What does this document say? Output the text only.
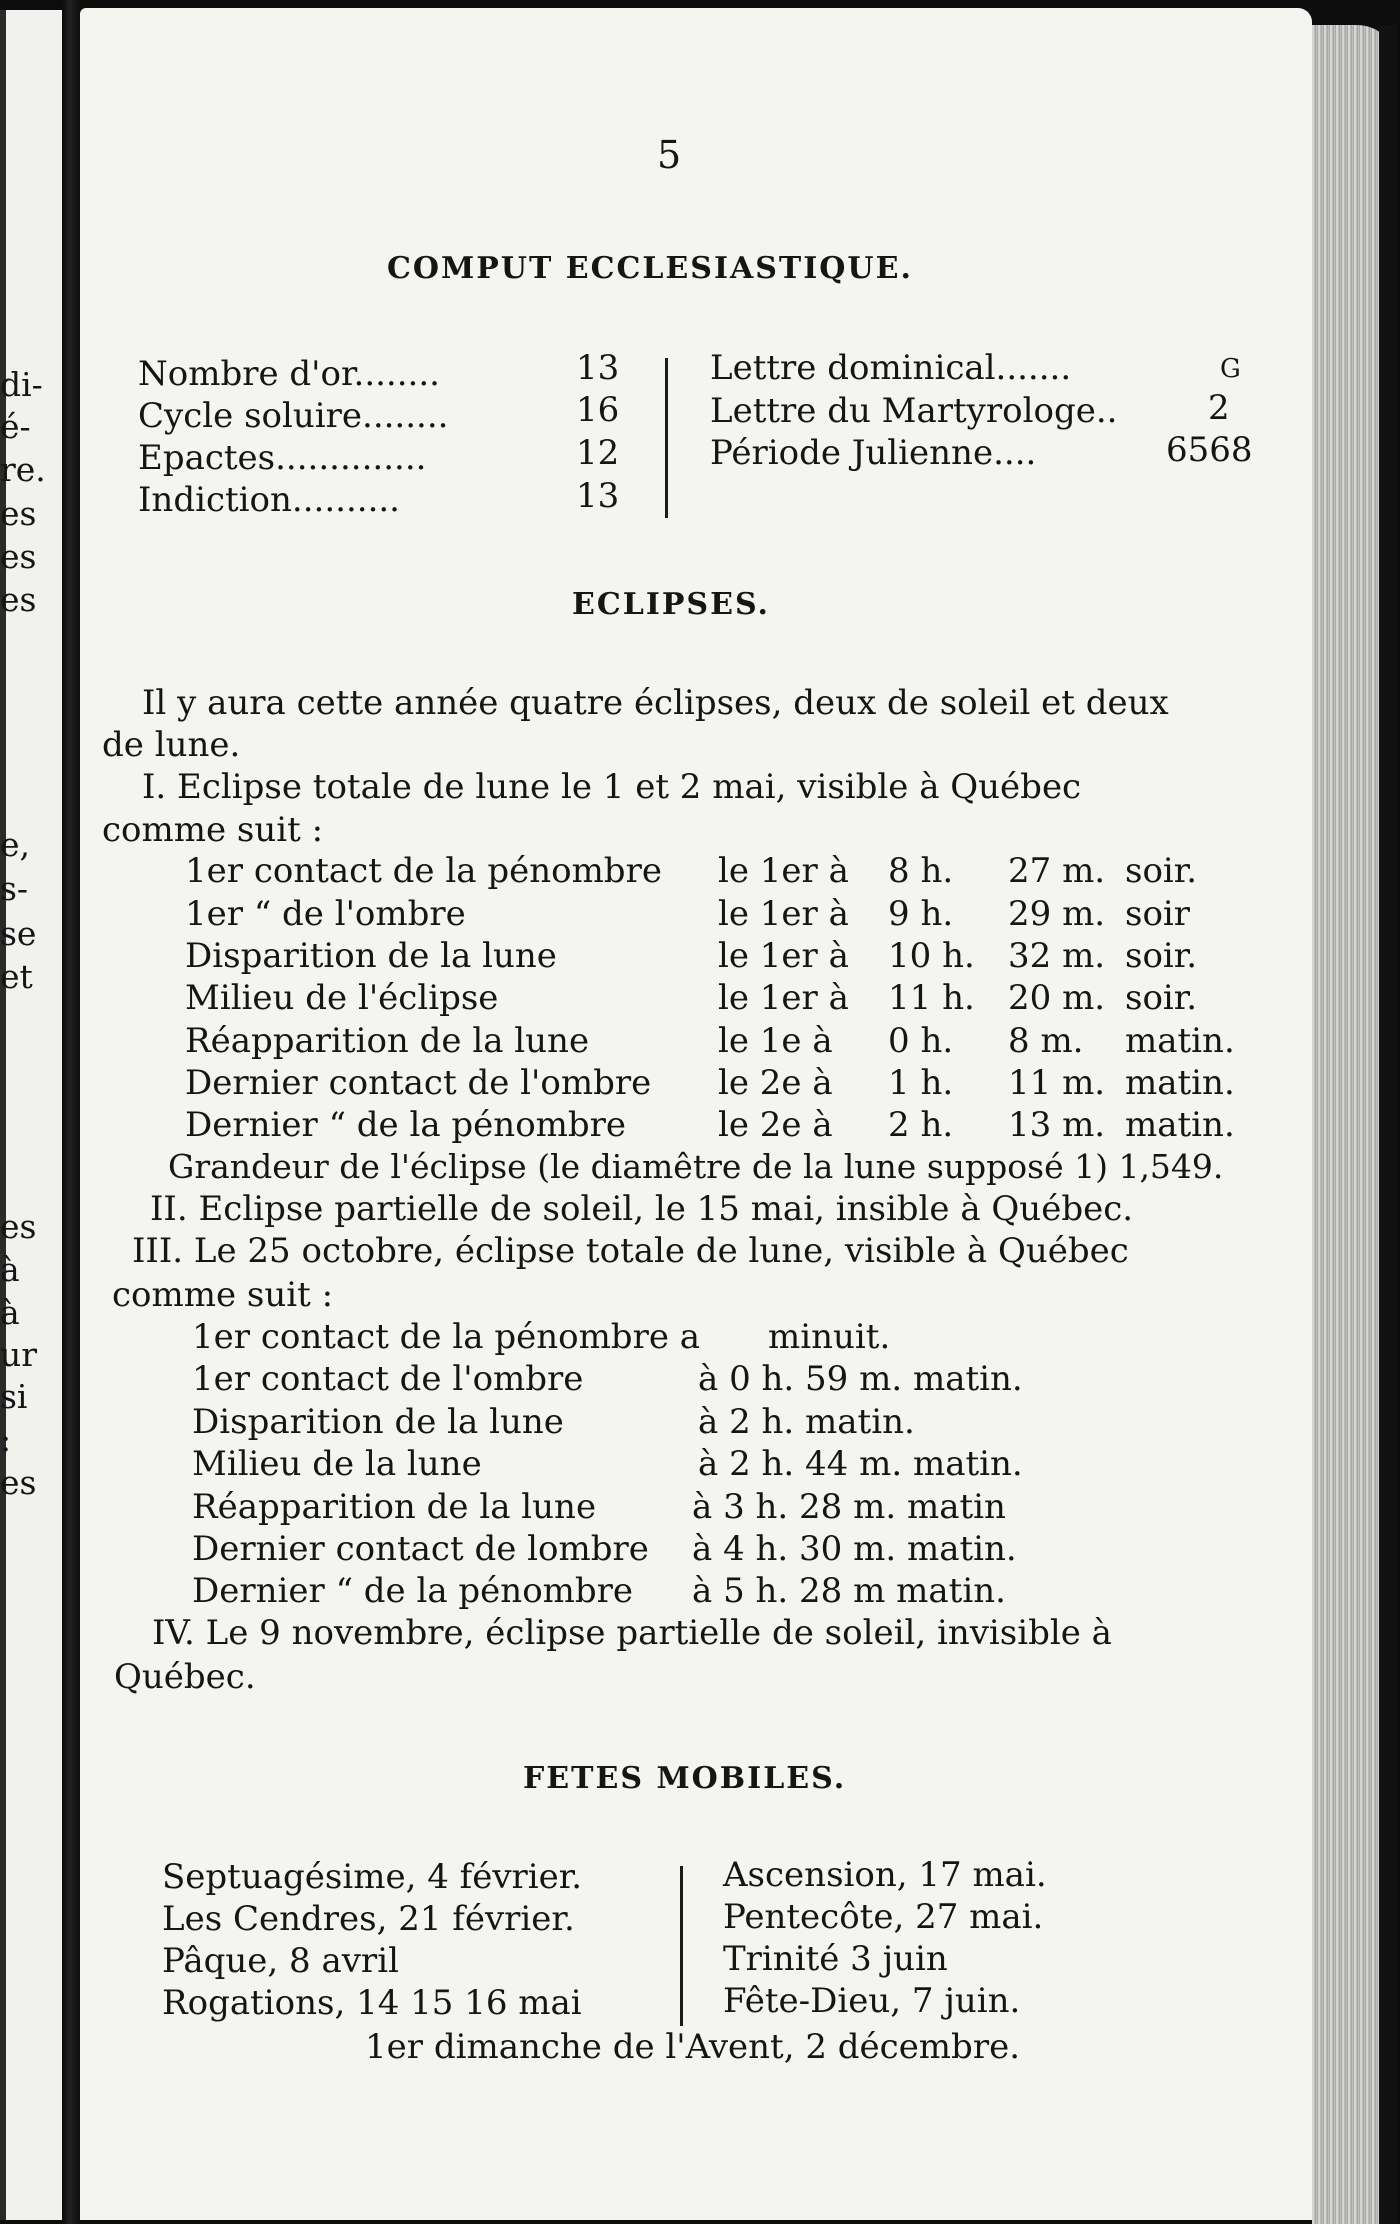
di-
é-
re.
es
es
es
e,
s-
se
et
es
à
à
ur
si
:
es
5
COMPUT ECCLESIASTIQUE.
Nombre d'or........	13
Cycle soluire........	16
Epactes..............	12
Indiction..........	13
Lettre dominical.......	G
Lettre du Martyrologe..	2
Période Julienne....	6568
ECLIPSES.
Il y aura cette année quatre éclipses, deux de soleil et deux
de lune.
I. Eclipse totale de lune le 1 et 2 mai, visible à Québec
comme suit :
1er contact de la pénombre le 1er à 8 h. 27 m. soir.
1er “ de l'ombre	le 1er à 9 h. 29 m. soir
Disparition de la lune	le 1er à 10 h. 32 m. soir.
Milieu de l'éclipse	le 1er à 11 h. 20 m. soir.
Réapparition de la lune	le 1e à 0 h. 8 m. matin.
Dernier contact de l'ombre le 2e à 1 h. 11 m. matin.
Dernier “ de la pénombre	le 2e à 2 h. 13 m. matin.
Grandeur de l'éclipse (le diamêtre de la lune supposé 1) 1,549.
II. Eclipse partielle de soleil, le 15 mai, insible à Québec.
III. Le 25 octobre, éclipse totale de lune, visible à Québec
comme suit :
1er contact de la pénombre a minuit.
1er contact de l'ombre	à 0 h. 59 m. matin.
Disparition de la lune	à 2 h. matin.
Milieu de la lune	à 2 h. 44 m. matin.
Réapparition de la lune	à 3 h. 28 m. matin
Dernier contact de lombre à 4 h. 30 m. matin.
Dernier “ de la pénombre à 5 h. 28 m matin.
IV. Le 9 novembre, éclipse partielle de soleil, invisible à
Québec.
FETES MOBILES.
Septuagésime, 4 février.
Les Cendres, 21 février.
Pâque, 8 avril
Rogations, 14 15 16 mai
Ascension, 17 mai.
Pentecôte, 27 mai.
Trinité 3 juin
Fête-Dieu, 7 juin.
1er dimanche de l'Avent, 2 décembre.
